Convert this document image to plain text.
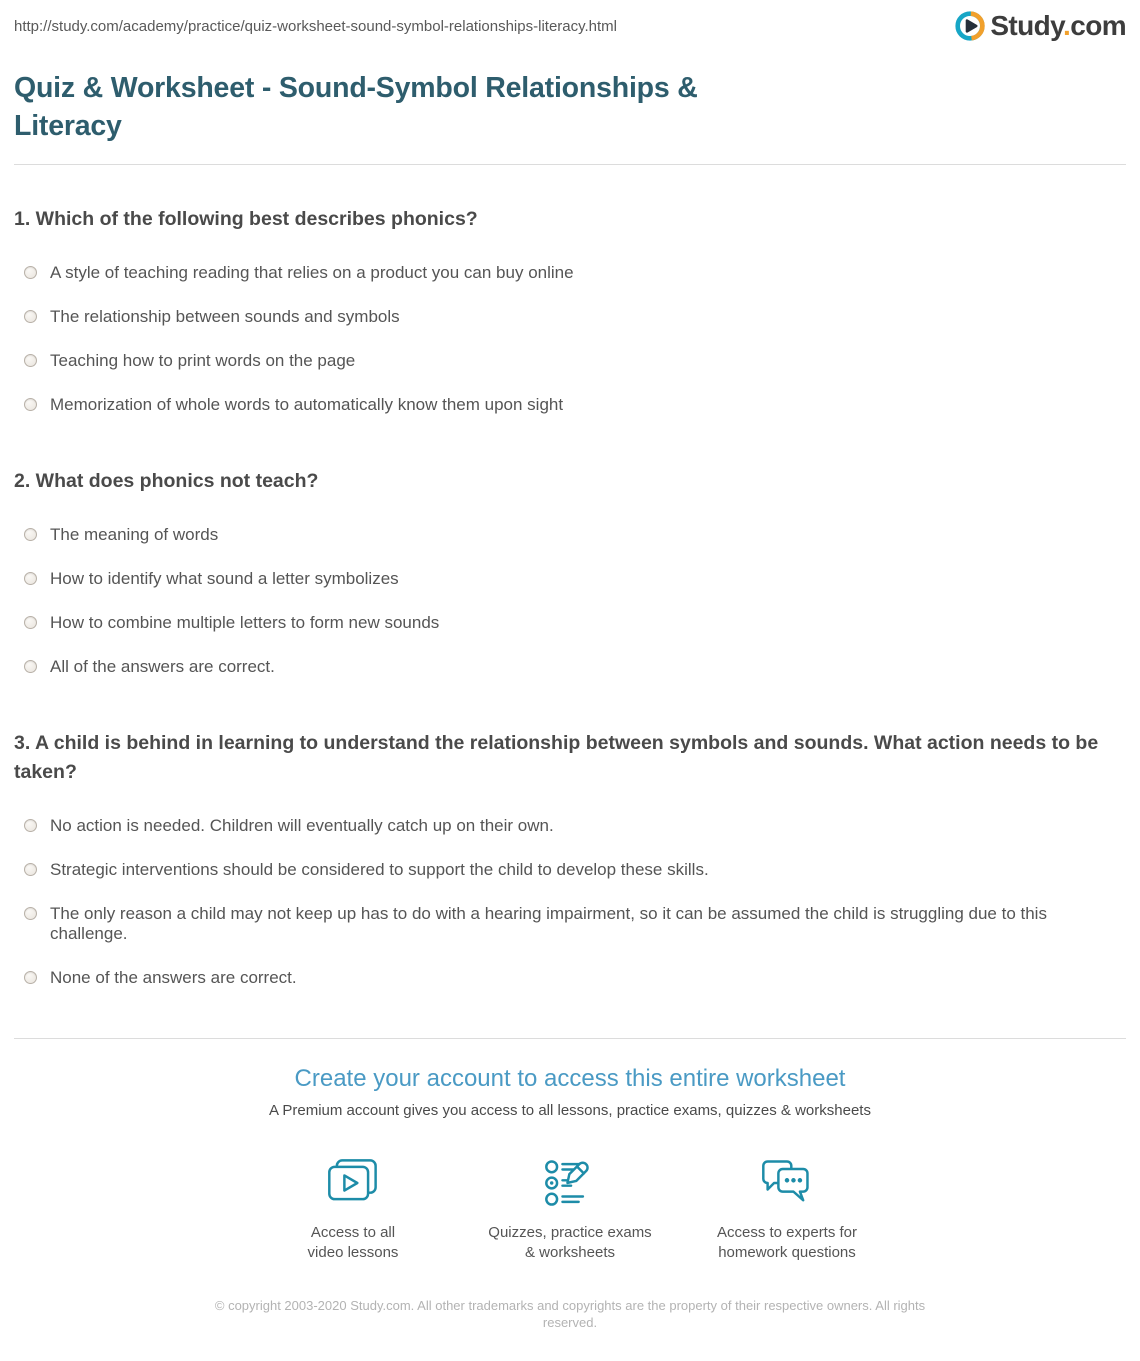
http://study.com/academy/practice/quiz-worksheet-sound-symbol-relationships-literacy.html	Study.com
Quiz & Worksheet - Sound-Symbol Relationships & Literacy
1. Which of the following best describes phonics?
A style of teaching reading that relies on a product you can buy online
The relationship between sounds and symbols
Teaching how to print words on the page
Memorization of whole words to automatically know them upon sight
2. What does phonics not teach?
The meaning of words
How to identify what sound a letter symbolizes
How to combine multiple letters to form new sounds
All of the answers are correct.
3. A child is behind in learning to understand the relationship between symbols and sounds. What action needs to be taken?
No action is needed. Children will eventually catch up on their own.
Strategic interventions should be considered to support the child to develop these skills.
The only reason a child may not keep up has to do with a hearing impairment, so it can be assumed the child is struggling due to this challenge.
None of the answers are correct.
Create your account to access this entire worksheet
A Premium account gives you access to all lessons, practice exams, quizzes & worksheets
Access to all
video lessons
Quizzes, practice exams
& worksheets
Access to experts for
homework questions
© copyright 2003-2020 Study.com. All other trademarks and copyrights are the property of their respective owners. All rights reserved.
